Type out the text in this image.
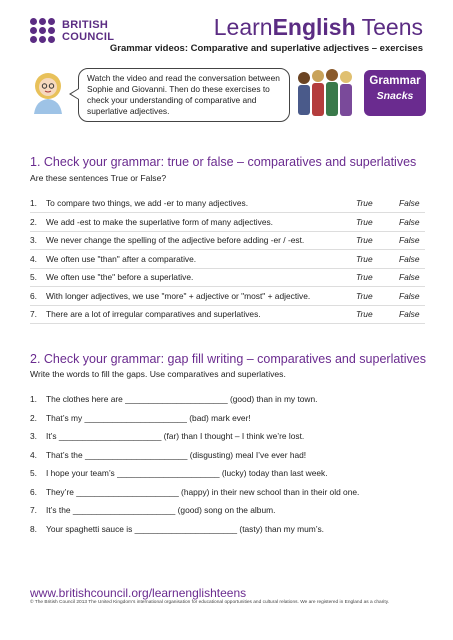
BRITISH
COUNCIL	LearnEnglish Teens
Grammar videos: Comparative and superlative adjectives – exercises
Watch the video and read the conversation between Sophie and Giovanni. Then do these exercises to check your understanding of comparative and superlative adjectives.
Grammar
Snacks
1. Check your grammar: true or false – comparatives and superlatives
Are these sentences True or False?
1. To compare two things, we add -er to many adjectives.	True	False
2. We add -est to make the superlative form of many adjectives.	True	False
3. We never change the spelling of the adjective before adding -er / -est.	True	False
4. We often use "than" after a comparative.	True	False
5. We often use "the" before a superlative.	True	False
6. With longer adjectives, we use "more" + adjective or "most" + adjective.	True	False
7. There are a lot of irregular comparatives and superlatives.	True	False
2. Check your grammar: gap fill writing – comparatives and superlatives
Write the words to fill the gaps. Use comparatives and superlatives.
1. The clothes here are ______________________ (good) than in my town.
2. That’s my ______________________ (bad) mark ever!
3. It’s ______________________ (far) than I thought – I think we’re lost.
4. That’s the ______________________ (disgusting) meal I’ve ever had!
5. I hope your team’s ______________________ (lucky) today than last week.
6. They’re ______________________ (happy) in their new school than in their old one.
7. It’s the ______________________ (good) song on the album.
8. Your spaghetti sauce is ______________________ (tasty) than my mum’s.
www.britishcouncil.org/learnenglishteens
© The British Council 2013 The United Kingdom’s international organisation for educational opportunities and cultural relations. We are registered in England as a charity.
